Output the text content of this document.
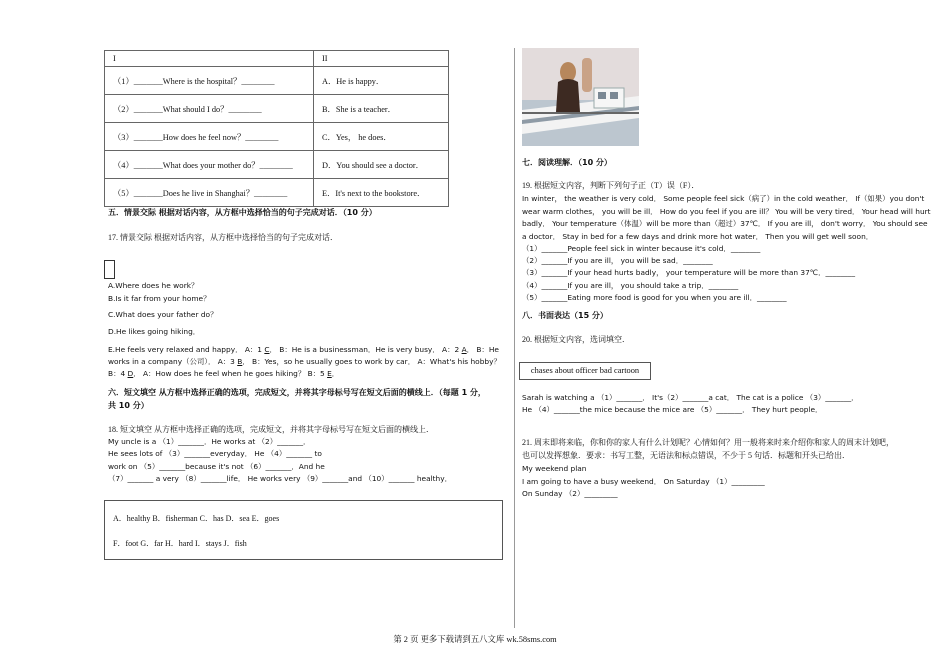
I	II
（1）_______Where is the hospital？________	A．He is happy．
（2）_______What should I do？________	B．She is a teacher．
（3）_______How does he feel now？________	C．Yes， he does．
（4）_______What does your mother do？________	D．You should see a doctor．
（5）_______Does he live in Shanghai？________	E．It's next to the bookstore．
五．情景交际 根据对话内容，从方框中选择恰当的句子完成对话．（10 分）
17. 情景交际 根据对话内容，从方框中选择恰当的句子完成对话．
A.Where does he work？
B.Is it far from your home？
C.What does your father do？
D.He likes going hiking．
E.He feels very relaxed and happy． A：1 C． B：He is a businessman．He is very busy． A：2 A． B：He
works in a company（公司）． A：3 B． B：Yes，so he usually goes to work by car． A：What's his hobby？
B：4 D． A：How does he feel when he goes hiking？ B：5 E．
六．短文填空 从方框中选择正确的选项，完成短文，并将其字母标号写在短文后面的横线上．（每题 1 分，
共 10 分）
18. 短文填空 从方框中选择正确的选项，完成短文，并将其字母标号写在短文后面的横线上．
My uncle is a （1）_______．He works at （2）_______．
He sees lots of （3）_______everyday． He （4）_______ to
work on （5）_______because it's not （6）_______．And he
（7）_______ a very （8）_______life． He works very （9）_______and （10）_______ healthy．
A．healthy B．fisherman C．has D．sea E．goes
F．foot G．far H．hard I．stays J．fish
七．阅读理解．（10 分）
19. 根据短文内容，判断下列句子正（T）误（F）．
In winter， the weather is very cold． Some people feel sick（病了）in the cold weather． If（如果）you don't
wear warm clothes， you will be ill． How do you feel if you are ill？ You will be very tired． Your head will hurt
badly． Your temperature（体温）will be more than（超过）37℃． If you are ill， don't worry． You should see
a doctor． Stay in bed for a few days and drink more hot water． Then you will get well soon．
（1）_______People feel sick in winter because it's cold．________
（2）_______If you are ill， you will be sad．________
（3）_______If your head hurts badly， your temperature will be more than 37℃．________
（4）_______If you are ill， you should take a trip．________
（5）_______Eating more food is good for you when you are ill．________
八．书面表达（15 分）
20. 根据短文内容，选词填空．
chases about officer bad cartoon
Sarah is watching a （1）_______． It's（2）_______a cat． The cat is a police （3）_______．
He （4）_______the mice because the mice are （5）_______． They hurt people．
21. 周末即将来临，你和你的家人有什么计划呢？心情如何？用一般将来时来介绍你和家人的周末计划吧，
也可以发挥想象．要求：书写工整，无语法和标点错误，不少于 5 句话．标题和开头已给出．
My weekend plan
I am going to have a busy weekend． On Saturday （1）_________
On Sunday （2）_________
第 2 页 更多下载请到五八文库 wk.58sms.com
